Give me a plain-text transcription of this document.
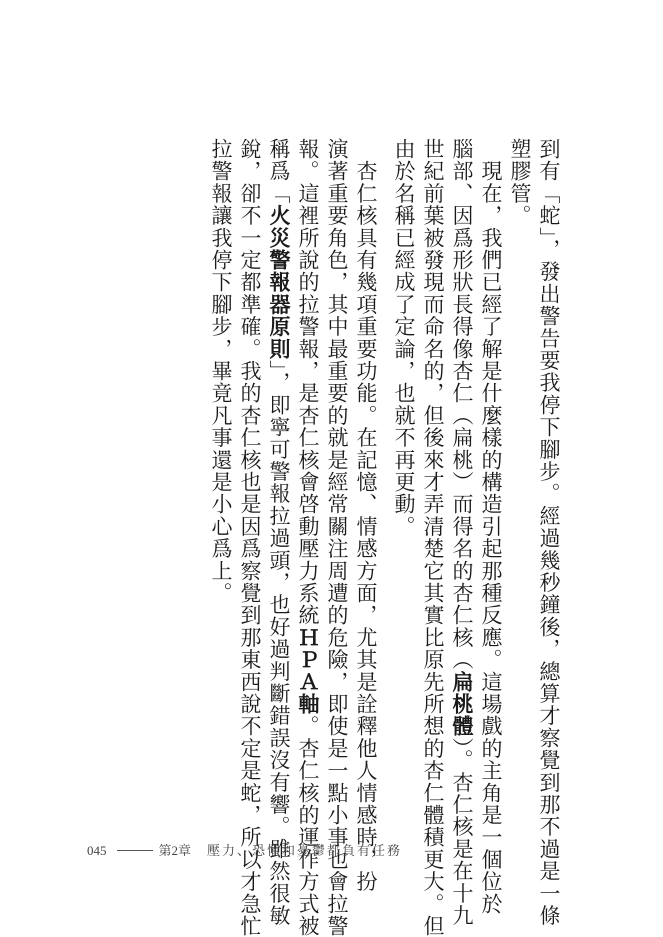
到有「蛇」，發出警告要我停下腳步。經過幾秒鐘後，總算才察覺到那不過是一條
塑膠管。
　現在，我們已經了解是什麼樣的構造引起那種反應。這場戲的主角是一個位於
腦部、因爲形狀長得像杏仁（扁桃）而得名的杏仁核（扁桃體）。杏仁核是在十九
世紀前葉被發現而命名的，但後來才弄清楚它其實比原先所想的杏仁體積更大。但
由於名稱已經成了定論，也就不再更動。
　杏仁核具有幾項重要功能。在記憶、情感方面，尤其是詮釋他人情感時，扮
演著重要角色，其中最重要的就是經常關注周遭的危險，即使是一點小事也會拉警
報。這裡所說的拉警報，是杏仁核會啓動壓力系統ＨＰＡ軸。杏仁核的運作方式被
稱爲「火災警報器原則」，即寧可警報拉過頭，也好過判斷錯誤沒有響。雖然很敏
銳，卻不一定都準確。我的杏仁核也是因爲察覺到那東西說不定是蛇，所以才急忙
拉警報讓我停下腳步，畢竟凡事還是小心爲上。
045	第2章 壓力、恐懼和憂鬱都負有任務
